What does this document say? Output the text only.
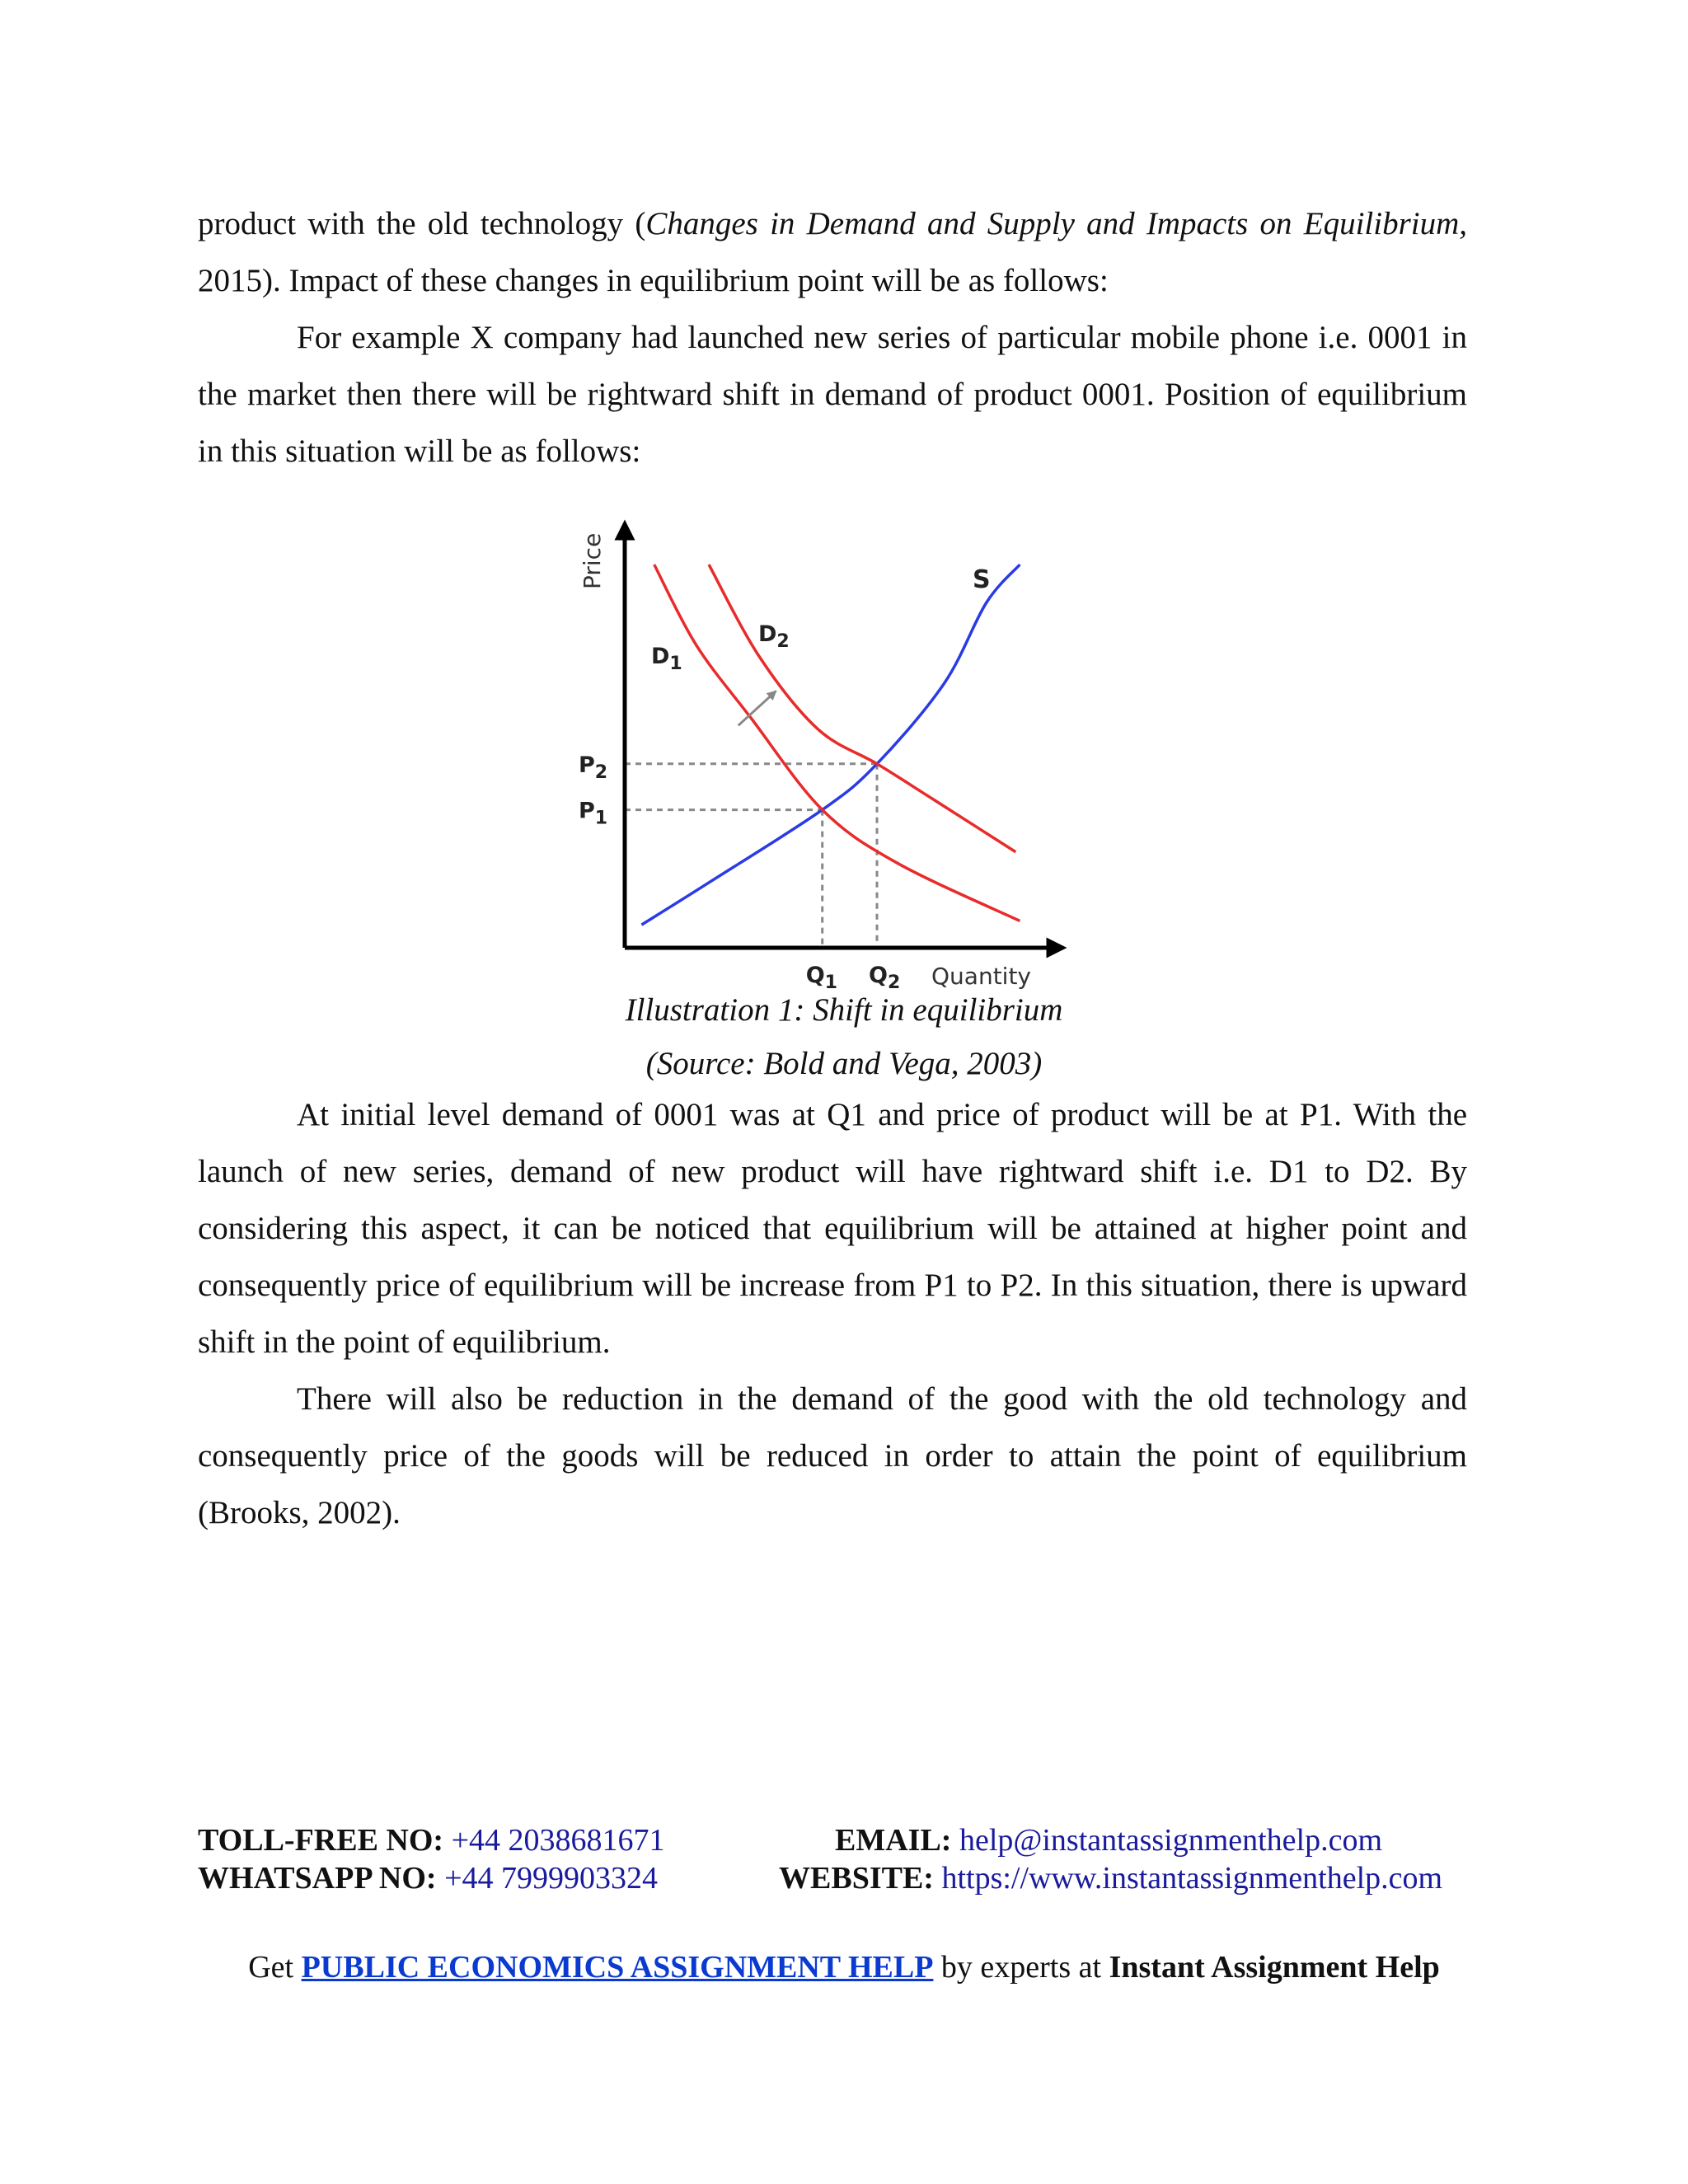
product with the old technology (Changes in Demand and Supply and Impacts on Equilibrium, 2015). Impact of these changes in equilibrium point will be as follows:

For example X company had launched new series of particular mobile phone i.e. 0001 in the market then there will be rightward shift in demand of product 0001. Position of equilibrium in this situation will be as follows:

S
$D_1$
$D_2$
$P_2$
$P_1$
$Q_1$ $Q_2$ Quantity
Price

Illustration 1: Shift in equilibrium

(Source: Bold and Vega, 2003)

At initial level demand of 0001 was at Q1 and price of product will be at P1. With the launch of new series, demand of new product will have rightward shift i.e. D1 to D2. By considering this aspect, it can be noticed that equilibrium will be attained at higher point and consequently price of equilibrium will be increase from P1 to P2. In this situation, there is upward shift in the point of equilibrium.

There will also be reduction in the demand of the good with the old technology and consequently price of the goods will be reduced in order to attain the point of equilibrium (Brooks, 2002).

TOLL-FREE NO: +44 2038681671	EMAIL: help@instantassignmenthelp.com

WHATSAPP NO: +44 7999903324	WEBSITE: https://www.instantassignmenthelp.com

Get PUBLIC ECONOMICS ASSIGNMENT HELP by experts at Instant Assignment Help
